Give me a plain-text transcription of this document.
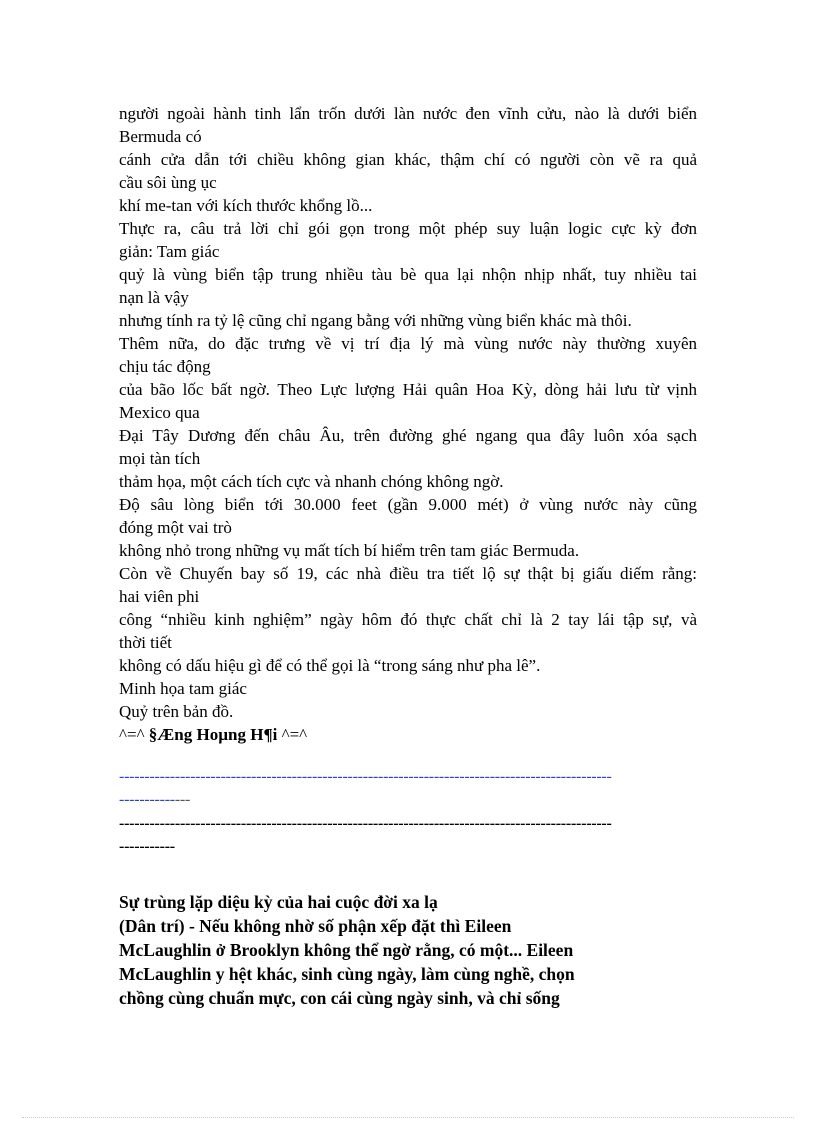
người ngoài hành tinh lẩn trốn dưới làn nước đen vĩnh cửu, nào là dưới biển
Bermuda có
cánh cửa dẫn tới chiều không gian khác, thậm chí có người còn vẽ ra quả
cầu sôi ùng ục
khí me-tan với kích thước khổng lồ...
Thực ra, câu trả lời chỉ gói gọn trong một phép suy luận logic cực kỳ đơn
giản: Tam giác
quỷ là vùng biển tập trung nhiều tàu bè qua lại nhộn nhịp nhất, tuy nhiều tai
nạn là vậy
nhưng tính ra tỷ lệ cũng chỉ ngang bằng với những vùng biển khác mà thôi.
Thêm nữa, do đặc trưng về vị trí địa lý mà vùng nước này thường xuyên
chịu tác động
của bão lốc bất ngờ. Theo Lực lượng Hải quân Hoa Kỳ, dòng hải lưu từ vịnh
Mexico qua
Đại Tây Dương đến châu Âu, trên đường ghé ngang qua đây luôn xóa sạch
mọi tàn tích
thảm họa, một cách tích cực và nhanh chóng không ngờ.
Độ sâu lòng biển tới 30.000 feet (gần 9.000 mét) ở vùng nước này cũng
đóng một vai trò
không nhỏ trong những vụ mất tích bí hiểm trên tam giác Bermuda.
Còn về Chuyến bay số 19, các nhà điều tra tiết lộ sự thật bị giấu diếm rằng:
hai viên phi
công “nhiều kinh nghiệm” ngày hôm đó thực chất chỉ là 2 tay lái tập sự, và
thời tiết
không có dấu hiệu gì để có thể gọi là “trong sáng như pha lê”.
Minh họa tam giác
Quỷ trên bản đồ.
^=^ §Æng Hoµng H¶i ^=^
-------------------------------------------------------------------------------------------------
--------------
-------------------------------------------------------------------------------------------------
-----------
Sự trùng lặp diệu kỳ của hai cuộc đời xa lạ
(Dân trí) - Nếu không nhờ số phận xếp đặt thì Eileen
McLaughlin ở Brooklyn không thể ngờ rằng, có một... Eileen
McLaughlin y hệt khác, sinh cùng ngày, làm cùng nghề, chọn
chồng cùng chuẩn mực, con cái cùng ngày sinh, và chỉ sống
